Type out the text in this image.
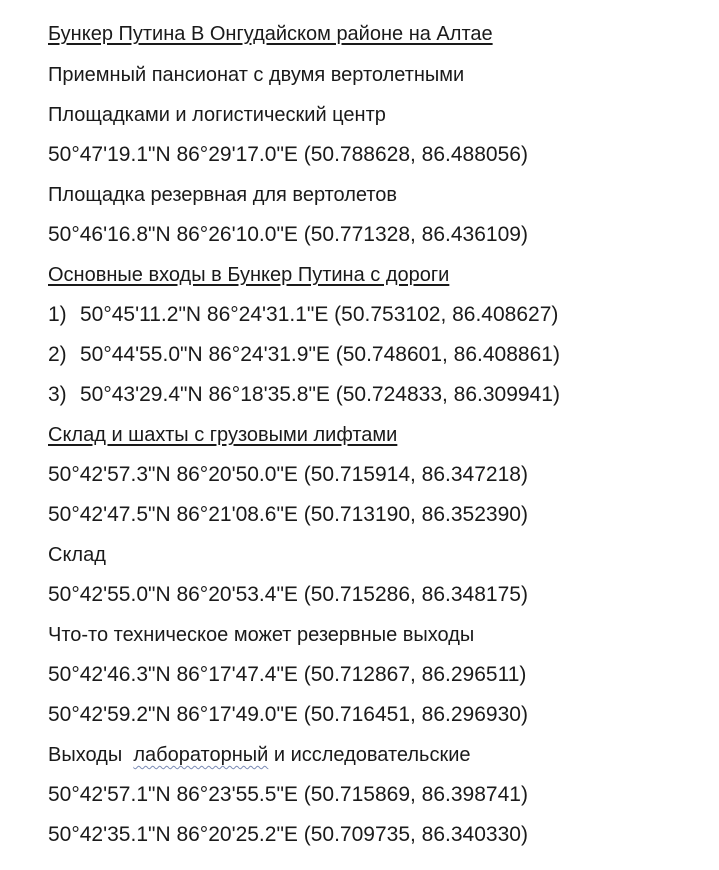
Бункер Путина В Онгудайском районе на Алтае
Приемный пансионат с двумя вертолетными
Площадками и логистический центр
50°47'19.1"N 86°29'17.0"E (50.788628, 86.488056)
Площадка резервная для вертолетов
50°46'16.8"N 86°26'10.0"E (50.771328, 86.436109)
Основные входы в Бункер Путина с дороги
1) 50°45'11.2"N 86°24'31.1"E (50.753102, 86.408627)
2) 50°44'55.0"N 86°24'31.9"E (50.748601, 86.408861)
3) 50°43'29.4"N 86°18'35.8"E (50.724833, 86.309941)
Склад и шахты с грузовыми лифтами
50°42'57.3"N 86°20'50.0"E (50.715914, 86.347218)
50°42'47.5"N 86°21'08.6"E (50.713190, 86.352390)
Склад
50°42'55.0"N 86°20'53.4"E (50.715286, 86.348175)
Что-то техническое может резервные выходы
50°42'46.3"N 86°17'47.4"E (50.712867, 86.296511)
50°42'59.2"N 86°17'49.0"E (50.716451, 86.296930)
Выходы  лабораторный и исследовательские
50°42'57.1"N 86°23'55.5"E (50.715869, 86.398741)
50°42'35.1"N 86°20'25.2"E (50.709735, 86.340330)
